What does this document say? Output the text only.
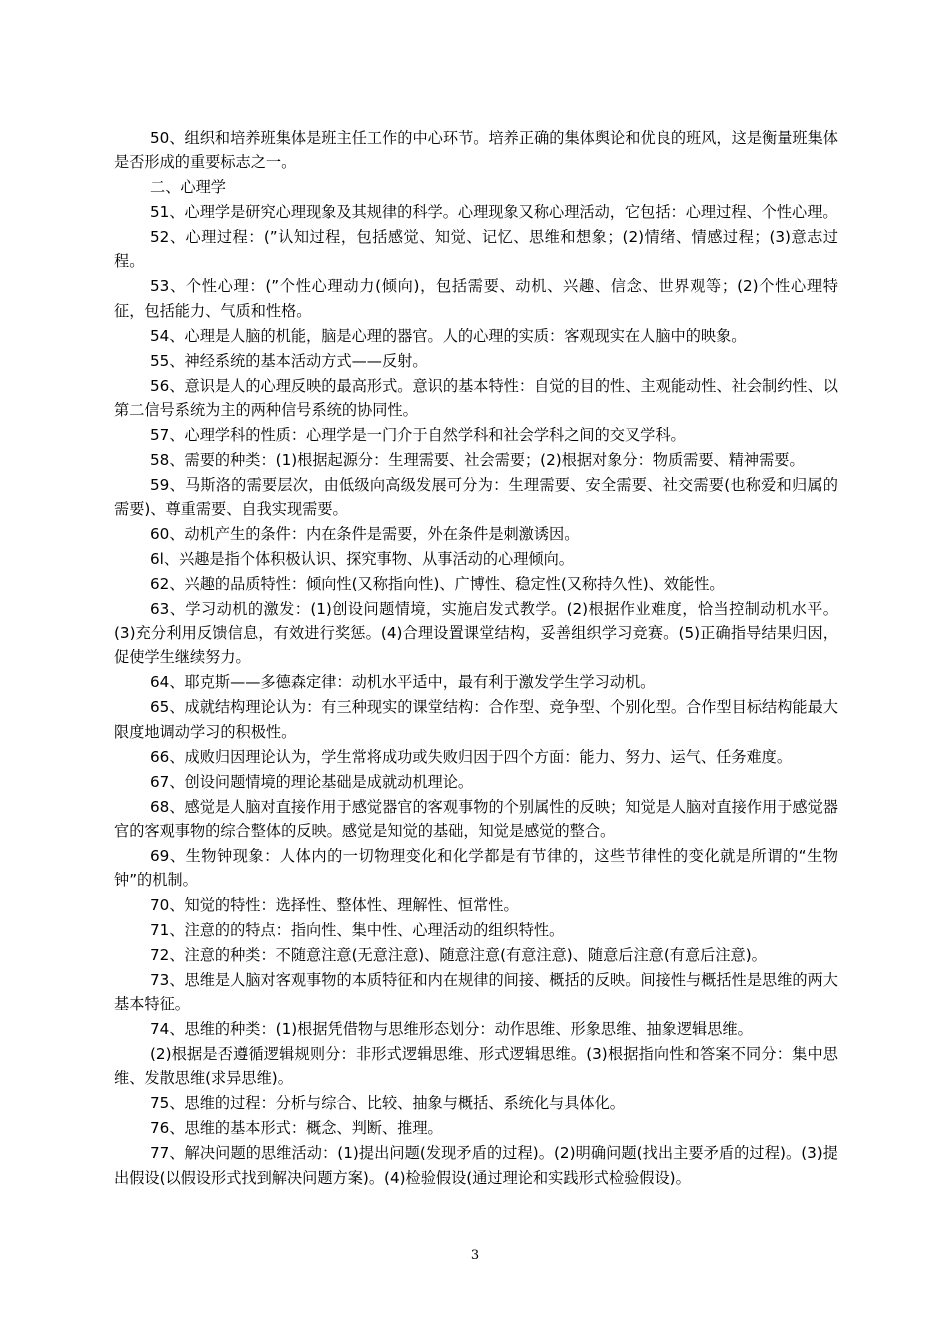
50、组织和培养班集体是班主任工作的中心环节。培养正确的集体舆论和优良的班风，这是衡量班集体是否形成的重要标志之一。

二、心理学

51、心理学是研究心理现象及其规律的科学。心理现象又称心理活动，它包括：心理过程、个性心理。

52、心理过程：(”认知过程，包括感觉、知觉、记忆、思维和想象；(2)情绪、情感过程；(3)意志过程。

53、个性心理：(”个性心理动力(倾向)，包括需要、动机、兴趣、信念、世界观等；(2)个性心理特征，包括能力、气质和性格。

54、心理是人脑的机能，脑是心理的器官。人的心理的实质：客观现实在人脑中的映象。

55、神经系统的基本活动方式——反射。

56、意识是人的心理反映的最高形式。意识的基本特性：自觉的目的性、主观能动性、社会制约性、以第二信号系统为主的两种信号系统的协同性。

57、心理学科的性质：心理学是一门介于自然学科和社会学科之间的交叉学科。

58、需要的种类：(1)根据起源分：生理需要、社会需要；(2)根据对象分：物质需要、精神需要。

59、马斯洛的需要层次，由低级向高级发展可分为：生理需要、安全需要、社交需要(也称爱和归属的需要)、尊重需要、自我实现需要。

60、动机产生的条件：内在条件是需要，外在条件是刺激诱因。

6l、兴趣是指个体积极认识、探究事物、从事活动的心理倾向。

62、兴趣的品质特性：倾向性(又称指向性)、广博性、稳定性(又称持久性)、效能性。

63、学习动机的激发：(1)创设问题情境，实施启发式教学。(2)根据作业难度，恰当控制动机水平。(3)充分利用反馈信息，有效进行奖惩。(4)合理设置课堂结构，妥善组织学习竞赛。(5)正确指导结果归因，促使学生继续努力。

64、耶克斯——多德森定律：动机水平适中，最有利于激发学生学习动机。

65、成就结构理论认为：有三种现实的课堂结构：合作型、竞争型、个别化型。合作型目标结构能最大限度地调动学习的积极性。

66、成败归因理论认为，学生常将成功或失败归因于四个方面：能力、努力、运气、任务难度。

67、创设问题情境的理论基础是成就动机理论。

68、感觉是人脑对直接作用于感觉器官的客观事物的个别属性的反映；知觉是人脑对直接作用于感觉器官的客观事物的综合整体的反映。感觉是知觉的基础，知觉是感觉的整合。

69、生物钟现象：人体内的一切物理变化和化学都是有节律的，这些节律性的变化就是所谓的“生物钟”的机制。

70、知觉的特性：选择性、整体性、理解性、恒常性。

71、注意的的特点：指向性、集中性、心理活动的组织特性。

72、注意的种类：不随意注意(无意注意)、随意注意(有意注意)、随意后注意(有意后注意)。

73、思维是人脑对客观事物的本质特征和内在规律的间接、概括的反映。间接性与概括性是思维的两大基本特征。

74、思维的种类：(1)根据凭借物与思维形态划分：动作思维、形象思维、抽象逻辑思维。

(2)根据是否遵循逻辑规则分：非形式逻辑思维、形式逻辑思维。(3)根据指向性和答案不同分：集中思维、发散思维(求异思维)。

75、思维的过程：分析与综合、比较、抽象与概括、系统化与具体化。

76、思维的基本形式：概念、判断、推理。

77、解决问题的思维活动：(1)提出问题(发现矛盾的过程)。(2)明确问题(找出主要矛盾的过程)。(3)提出假设(以假设形式找到解决问题方案)。(4)检验假设(通过理论和实践形式检验假设)。

3
